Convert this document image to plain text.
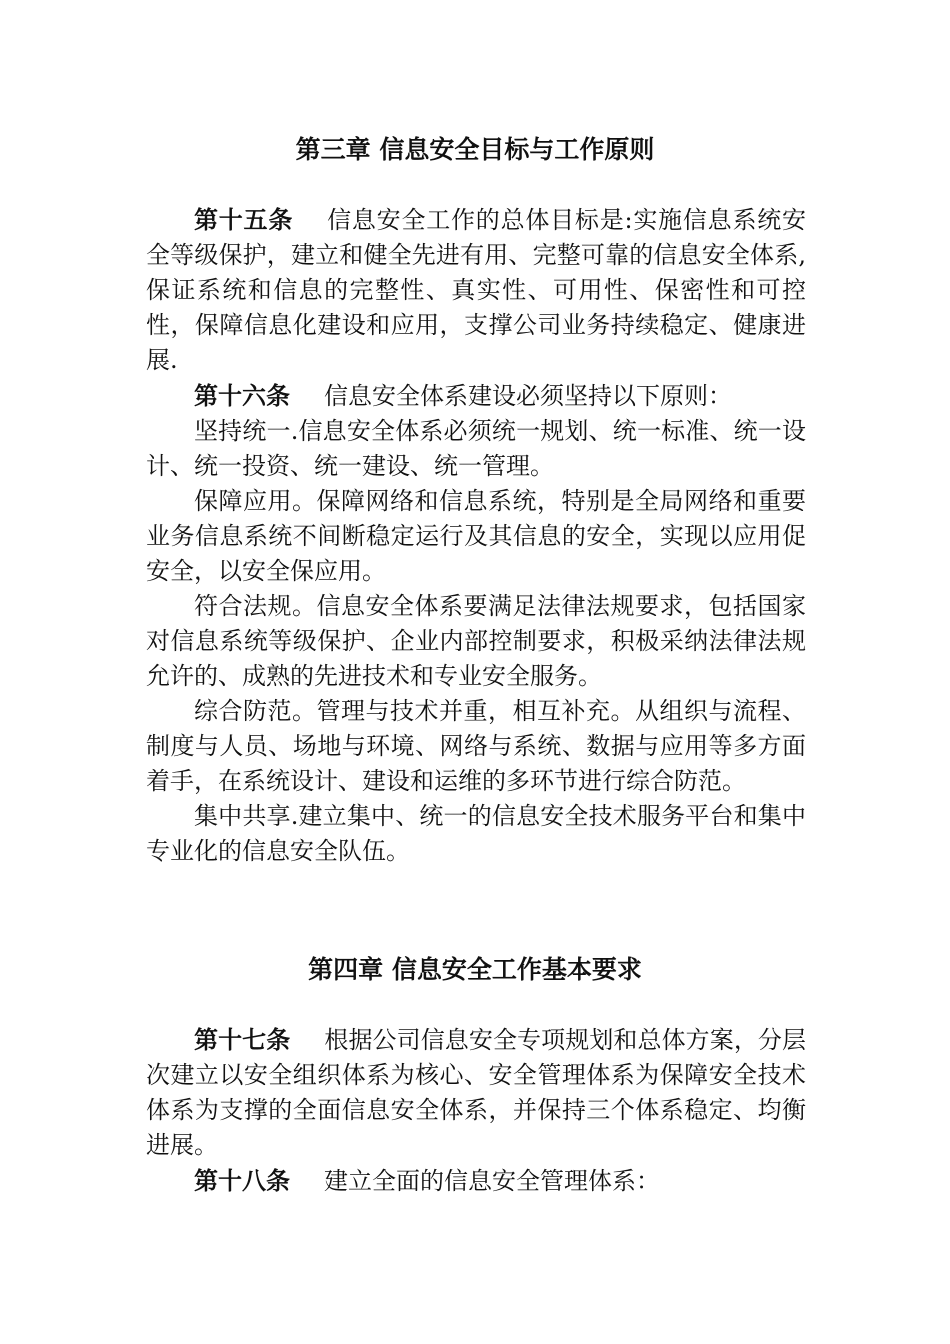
第三章 信息安全目标与工作原则

第十五条 信息安全工作的总体目标是:实施信息系统安全等级保护，建立和健全先进有用、完整可靠的信息安全体系,保证系统和信息的完整性、真实性、可用性、保密性和可控性，保障信息化建设和应用，支撑公司业务持续稳定、健康进展.

第十六条 信息安全体系建设必须坚持以下原则：

坚持统一.信息安全体系必须统一规划、统一标准、统一设计、统一投资、统一建设、统一管理。

保障应用。保障网络和信息系统，特别是全局网络和重要业务信息系统不间断稳定运行及其信息的安全，实现以应用促安全，以安全保应用。

符合法规。信息安全体系要满足法律法规要求，包括国家对信息系统等级保护、企业内部控制要求，积极采纳法律法规允许的、成熟的先进技术和专业安全服务。

综合防范。管理与技术并重，相互补充。从组织与流程、制度与人员、场地与环境、网络与系统、数据与应用等多方面着手，在系统设计、建设和运维的多环节进行综合防范。

集中共享.建立集中、统一的信息安全技术服务平台和集中专业化的信息安全队伍。

第四章 信息安全工作基本要求

第十七条 根据公司信息安全专项规划和总体方案，分层次建立以安全组织体系为核心、安全管理体系为保障安全技术体系为支撑的全面信息安全体系，并保持三个体系稳定、均衡进展。

第十八条 建立全面的信息安全管理体系：
